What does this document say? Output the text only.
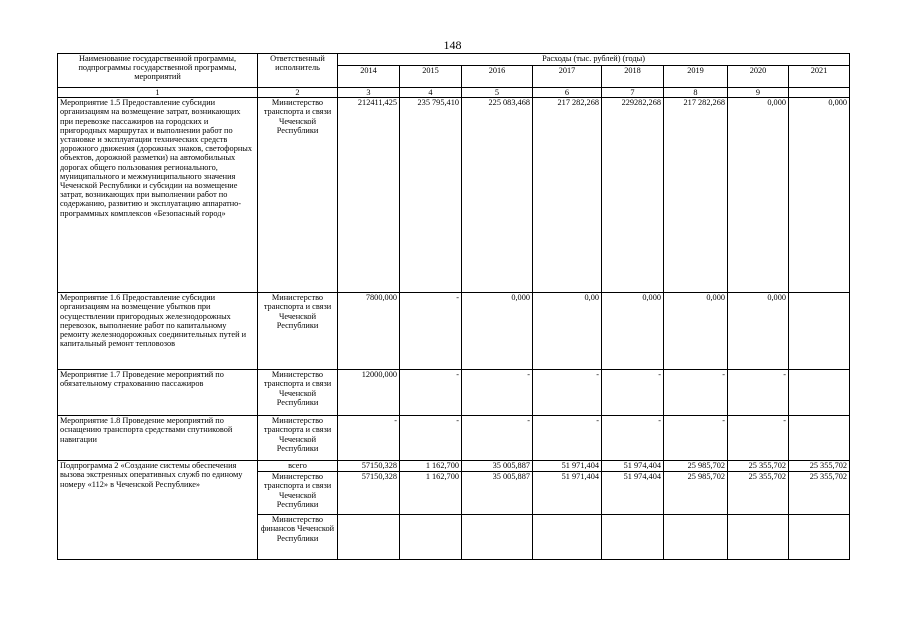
148
Наименование государственной программы, подпрограммы государственной программы, мероприятий	Ответственный исполнитель	Расходы (тыс. рублей) (годы)							
		2014	2015	2016	2017	2018	2019	2020	2021
1	2	3	4	5	6	7	8	9	
Мероприятие 1.5 Предоставление субсидии организациям на возмещение затрат, возникающих при перевозке пассажиров на городских и пригородных маршрутах и выполнении работ по установке и эксплуатации технических средств дорожного движения (дорожных знаков, светофорных объектов, дорожной разметки) на автомобильных дорогах общего пользования регионального, муниципального и межмуниципального значения Чеченской Республики и субсидии на возмещение затрат, возникающих при выполнении работ по содержанию, развитию и эксплуатацию аппаратно-программных комплексов «Безопасный город»	Министерство транспорта и связи Чеченской Республики	212411,425	235 795,410	225 083,468	217 282,268	229282,268	217 282,268	0,000	0,000
Мероприятие 1.6 Предоставление субсидии организациям на возмещение убытков при осуществлении пригородных железнодорожных перевозок, выполнение работ по капитальному ремонту железнодорожных соединительных путей и капитальный ремонт тепловозов	Министерство транспорта и связи Чеченской Республики	7800,000	-	0,000	0,00	0,000	0,000	0,000	
Мероприятие 1.7 Проведение мероприятий по обязательному страхованию пассажиров	Министерство транспорта и связи Чеченской Республики	12000,000	-	-	-	-	-	-	
Мероприятие 1.8 Проведение мероприятий по оснащению транспорта средствами спутниковой навигации	Министерство транспорта и связи Чеченской Республики	-	-	-	-	-	-	-	
Подпрограмма 2 «Создание системы обеспечения вызова экстренных оперативных служб по единому номеру «112» в Чеченской Республике»	всего	57150,328	1 162,700	35 005,887	51 971,404	51 974,404	25 985,702	25 355,702	25 355,702
	Министерство транспорта и связи Чеченской Республики	57150,328	1 162,700	35 005,887	51 971,404	51 974,404	25 985,702	25 355,702	25 355,702
	Министерство финансов Чеченской Республики								
